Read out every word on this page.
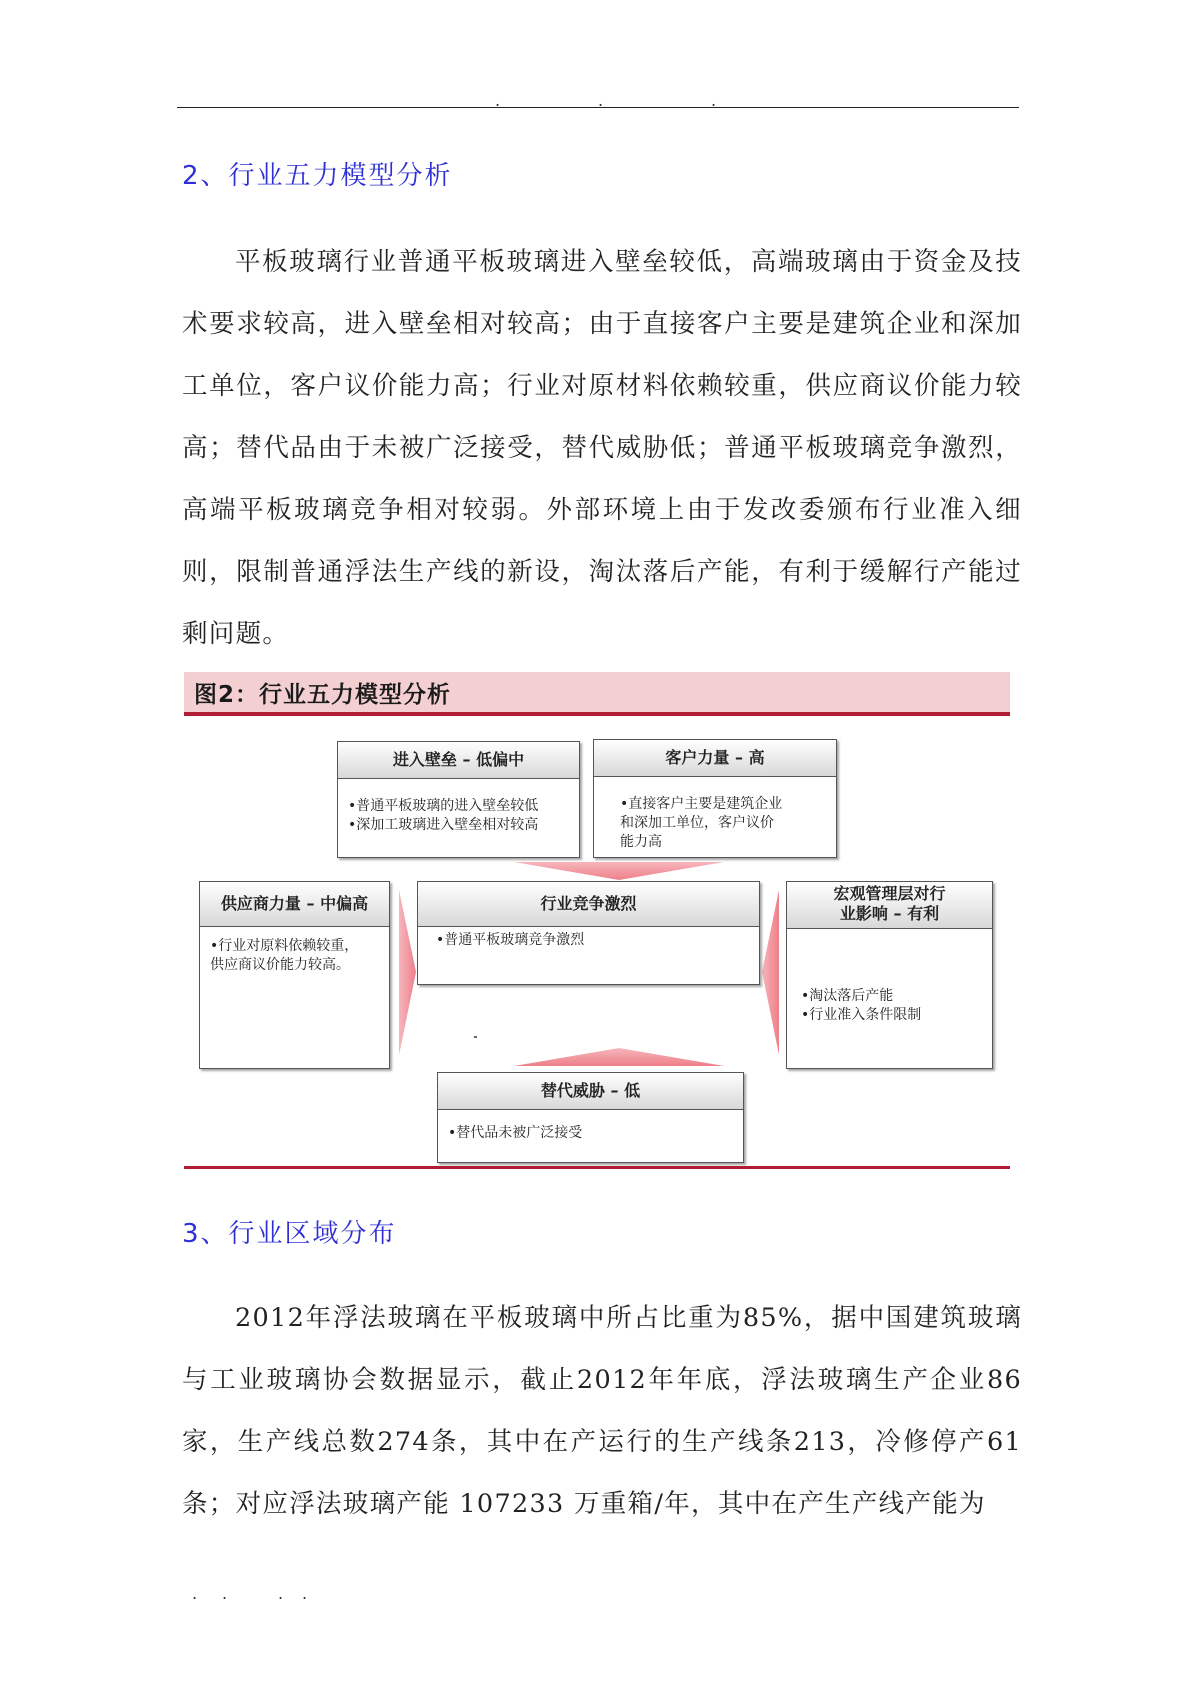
.	.	.
2、行业五力模型分析

平板玻璃行业普通平板玻璃进入壁垒较低，高端玻璃由于资金及技术要求较高，进入壁垒相对较高；由于直接客户主要是建筑企业和深加工单位，客户议价能力高；行业对原材料依赖较重，供应商议价能力较高；替代品由于未被广泛接受，替代威胁低；普通平板玻璃竞争激烈，高端平板玻璃竞争相对较弱。外部环境上由于发改委颁布行业准入细则，限制普通浮法生产线的新设，淘汰落后产能，有利于缓解行产能过剩问题。

图2：行业五力模型分析
进入壁垒 – 低偏中
•普通平板玻璃的进入壁垒较低
•深加工玻璃进入壁垒相对较高
客户力量 – 高
•直接客户主要是建筑企业
和深加工单位，客户议价
能力高
供应商力量 – 中偏高
•行业对原料依赖较重，
供应商议价能力较高。
行业竞争激烈
•普通平板玻璃竞争激烈
宏观管理层对行
业影响 – 有利
•淘汰落后产能
•行业准入条件限制
替代威胁 – 低
•替代品未被广泛接受
3、行业区域分布

2012年浮法玻璃在平板玻璃中所占比重为85%，据中国建筑玻璃与工业玻璃协会数据显示，截止2012年年底，浮法玻璃生产企业86家，生产线总数274条，其中在产运行的生产线条213，冷修停产61条；对应浮法玻璃产能 107233 万重箱/年，其中在产生产线产能为

. .	. .
